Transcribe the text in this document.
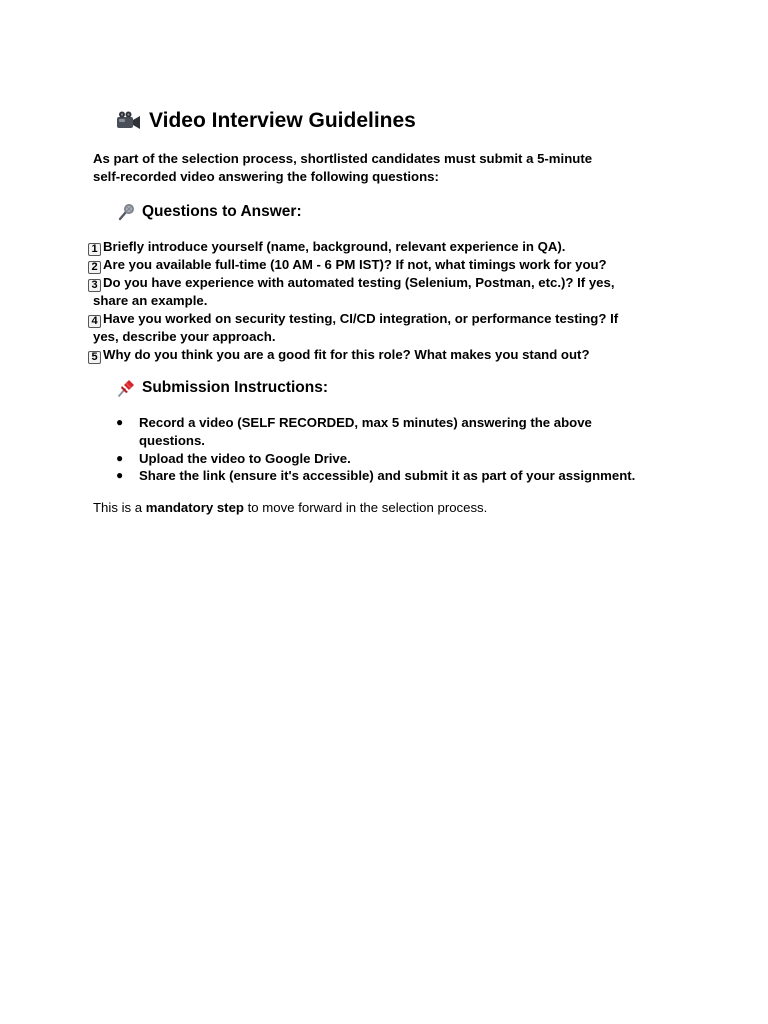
Video Interview Guidelines
As part of the selection process, shortlisted candidates must submit a 5-minute
self-recorded video answering the following questions:
Questions to Answer:
1 Briefly introduce yourself (name, background, relevant experience in QA).
2 Are you available full-time (10 AM - 6 PM IST)? If not, what timings work for you?
3 Do you have experience with automated testing (Selenium, Postman, etc.)? If yes,
share an example.
4 Have you worked on security testing, CI/CD integration, or performance testing? If
yes, describe your approach.
5 Why do you think you are a good fit for this role? What makes you stand out?
Submission Instructions:
● Record a video (SELF RECORDED, max 5 minutes) answering the above
questions.
● Upload the video to Google Drive.
● Share the link (ensure it's accessible) and submit it as part of your assignment.
This is a mandatory step to move forward in the selection process.
